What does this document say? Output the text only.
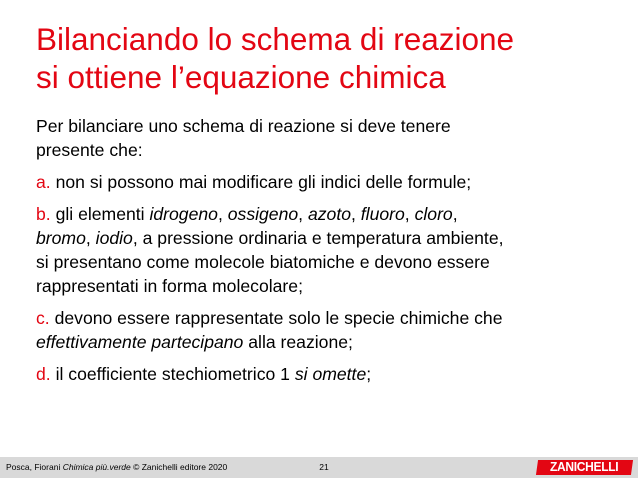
Bilanciando lo schema di reazione
si ottiene l’equazione chimica

Per bilanciare uno schema di reazione si deve tenere
presente che:

a. non si possono mai modificare gli indici delle formule;

b. gli elementi idrogeno, ossigeno, azoto, fluoro, cloro,
bromo, iodio, a pressione ordinaria e temperatura ambiente,
si presentano come molecole biatomiche e devono essere
rappresentati in forma molecolare;

c. devono essere rappresentate solo le specie chimiche che
effettivamente partecipano alla reazione;

d. il coefficiente stechiometrico 1 si omette;

Posca, Fiorani Chimica più.verde © Zanichelli editore 2020	21	ZANICHELLI
